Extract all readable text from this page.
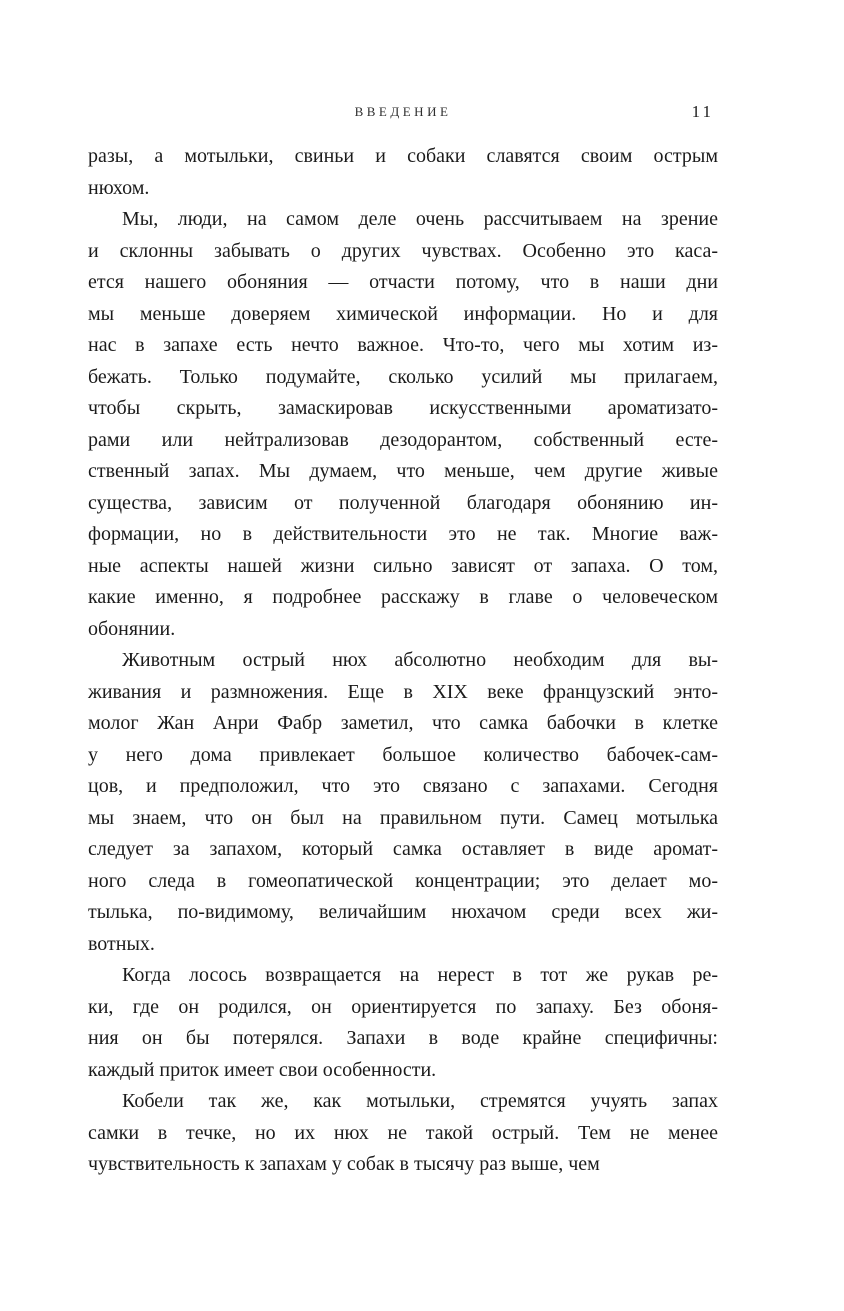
ВВЕДЕНИЕ	11
разы, а мотыльки, свиньи и собаки славятся своим острым
нюхом.
Мы, люди, на самом деле очень рассчитываем на зрение
и склонны забывать о других чувствах. Особенно это каса-
ется нашего обоняния — отчасти потому, что в наши дни
мы меньше доверяем химической информации. Но и для
нас в запахе есть нечто важное. Что-то, чего мы хотим из-
бежать. Только подумайте, сколько усилий мы прилагаем,
чтобы скрыть, замаскировав искусственными ароматизато-
рами или нейтрализовав дезодорантом, собственный есте-
ственный запах. Мы думаем, что меньше, чем другие живые
существа, зависим от полученной благодаря обонянию ин-
формации, но в действительности это не так. Многие важ-
ные аспекты нашей жизни сильно зависят от запаха. О том,
какие именно, я подробнее расскажу в главе о человеческом
обонянии.
Животным острый нюх абсолютно необходим для вы-
живания и размножения. Еще в XIX веке французский энто-
молог Жан Анри Фабр заметил, что самка бабочки в клетке
у него дома привлекает большое количество бабочек-сам-
цов, и предположил, что это связано с запахами. Сегодня
мы знаем, что он был на правильном пути. Самец мотылька
следует за запахом, который самка оставляет в виде аромат-
ного следа в гомеопатической концентрации; это делает мо-
тылька, по-видимому, величайшим нюхачом среди всех жи-
вотных.
Когда лосось возвращается на нерест в тот же рукав ре-
ки, где он родился, он ориентируется по запаху. Без обоня-
ния он бы потерялся. Запахи в воде крайне специфичны:
каждый приток имеет свои особенности.
Кобели так же, как мотыльки, стремятся учуять запах
самки в течке, но их нюх не такой острый. Тем не менее
чувствительность к запахам у собак в тысячу раз выше, чем
